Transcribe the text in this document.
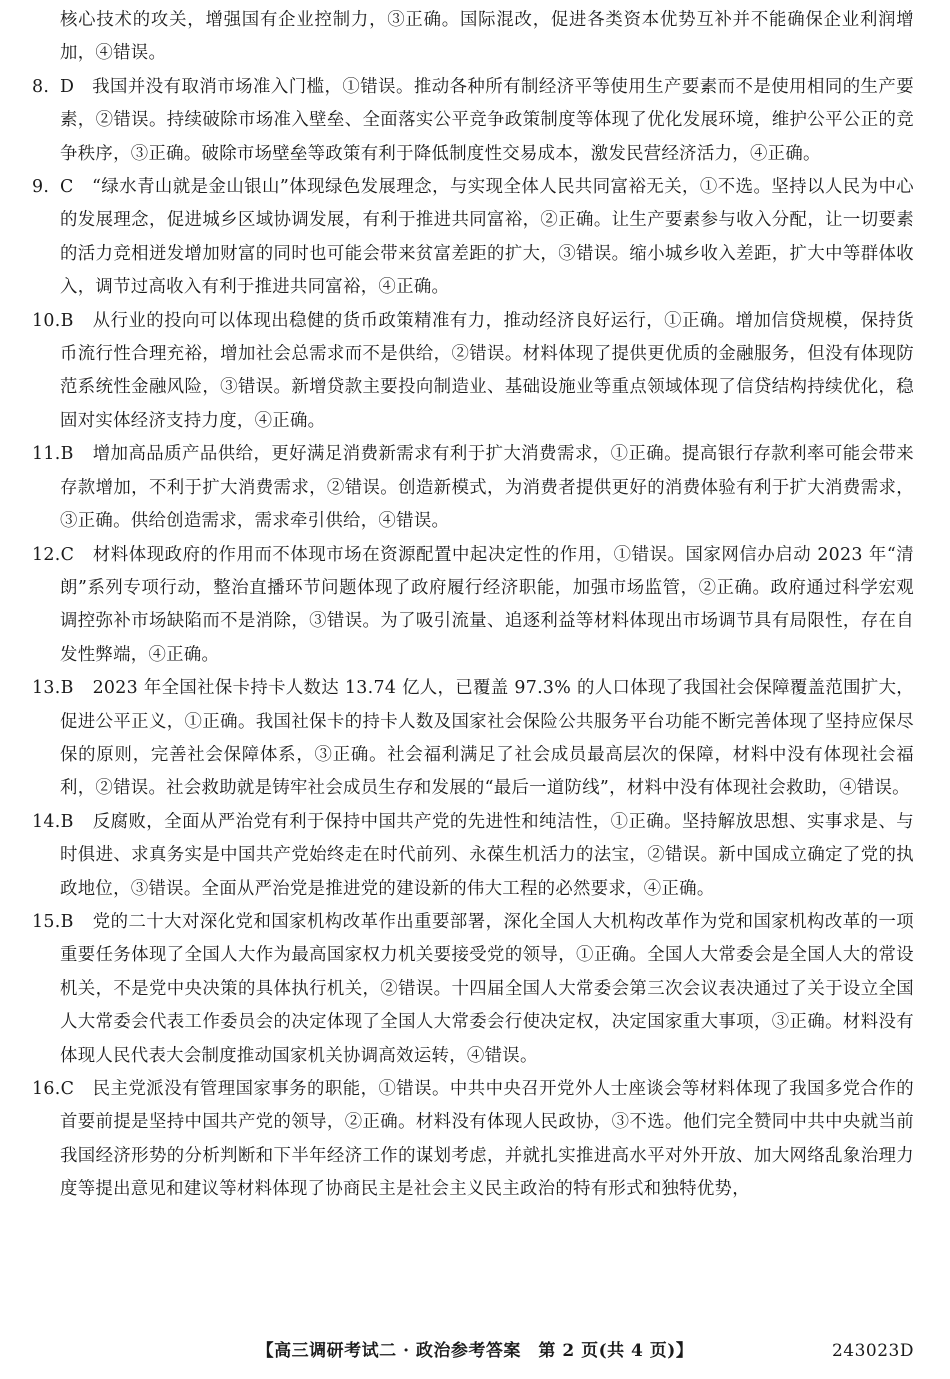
核心技术的攻关，增强国有企业控制力，③正确。国际混改，促进各类资本优势互补并不能确保企业利润增加，④错误。

8. D 我国并没有取消市场准入门槛，①错误。推动各种所有制经济平等使用生产要素而不是使用相同的生产要素，②错误。持续破除市场准入壁垒、全面落实公平竞争政策制度等体现了优化发展环境，维护公平公正的竞争秩序，③正确。破除市场壁垒等政策有利于降低制度性交易成本，激发民营经济活力，④正确。

9. C “绿水青山就是金山银山”体现绿色发展理念，与实现全体人民共同富裕无关，①不选。坚持以人民为中心的发展理念，促进城乡区域协调发展，有利于推进共同富裕，②正确。让生产要素参与收入分配，让一切要素的活力竞相迸发增加财富的同时也可能会带来贫富差距的扩大，③错误。缩小城乡收入差距，扩大中等群体收入，调节过高收入有利于推进共同富裕，④正确。

10.B 从行业的投向可以体现出稳健的货币政策精准有力，推动经济良好运行，①正确。增加信贷规模，保持货币流行性合理充裕，增加社会总需求而不是供给，②错误。材料体现了提供更优质的金融服务，但没有体现防范系统性金融风险，③错误。新增贷款主要投向制造业、基础设施业等重点领域体现了信贷结构持续优化，稳固对实体经济支持力度，④正确。

11.B 增加高品质产品供给，更好满足消费新需求有利于扩大消费需求，①正确。提高银行存款利率可能会带来存款增加，不利于扩大消费需求，②错误。创造新模式，为消费者提供更好的消费体验有利于扩大消费需求，③正确。供给创造需求，需求牵引供给，④错误。

12.C 材料体现政府的作用而不体现市场在资源配置中起决定性的作用，①错误。国家网信办启动 2023 年“清朗”系列专项行动，整治直播环节问题体现了政府履行经济职能，加强市场监管，②正确。政府通过科学宏观调控弥补市场缺陷而不是消除，③错误。为了吸引流量、追逐利益等材料体现出市场调节具有局限性，存在自发性弊端，④正确。

13.B 2023 年全国社保卡持卡人数达 13.74 亿人，已覆盖 97.3% 的人口体现了我国社会保障覆盖范围扩大，促进公平正义，①正确。我国社保卡的持卡人数及国家社会保险公共服务平台功能不断完善体现了坚持应保尽保的原则，完善社会保障体系，③正确。社会福利满足了社会成员最高层次的保障，材料中没有体现社会福利，②错误。社会救助就是铸牢社会成员生存和发展的“最后一道防线”，材料中没有体现社会救助，④错误。

14.B 反腐败，全面从严治党有利于保持中国共产党的先进性和纯洁性，①正确。坚持解放思想、实事求是、与时俱进、求真务实是中国共产党始终走在时代前列、永葆生机活力的法宝，②错误。新中国成立确定了党的执政地位，③错误。全面从严治党是推进党的建设新的伟大工程的必然要求，④正确。

15.B 党的二十大对深化党和国家机构改革作出重要部署，深化全国人大机构改革作为党和国家机构改革的一项重要任务体现了全国人大作为最高国家权力机关要接受党的领导，①正确。全国人大常委会是全国人大的常设机关，不是党中央决策的具体执行机关，②错误。十四届全国人大常委会第三次会议表决通过了关于设立全国人大常委会代表工作委员会的决定体现了全国人大常委会行使决定权，决定国家重大事项，③正确。材料没有体现人民代表大会制度推动国家机关协调高效运转，④错误。

16.C 民主党派没有管理国家事务的职能，①错误。中共中央召开党外人士座谈会等材料体现了我国多党合作的首要前提是坚持中国共产党的领导，②正确。材料没有体现人民政协，③不选。他们完全赞同中共中央就当前我国经济形势的分析判断和下半年经济工作的谋划考虑，并就扎实推进高水平对外开放、加大网络乱象治理力度等提出意见和建议等材料体现了协商民主是社会主义民主政治的特有形式和独特优势，

【高三调研考试二 · 政治参考答案　第 2 页(共 4 页)】	243023D
